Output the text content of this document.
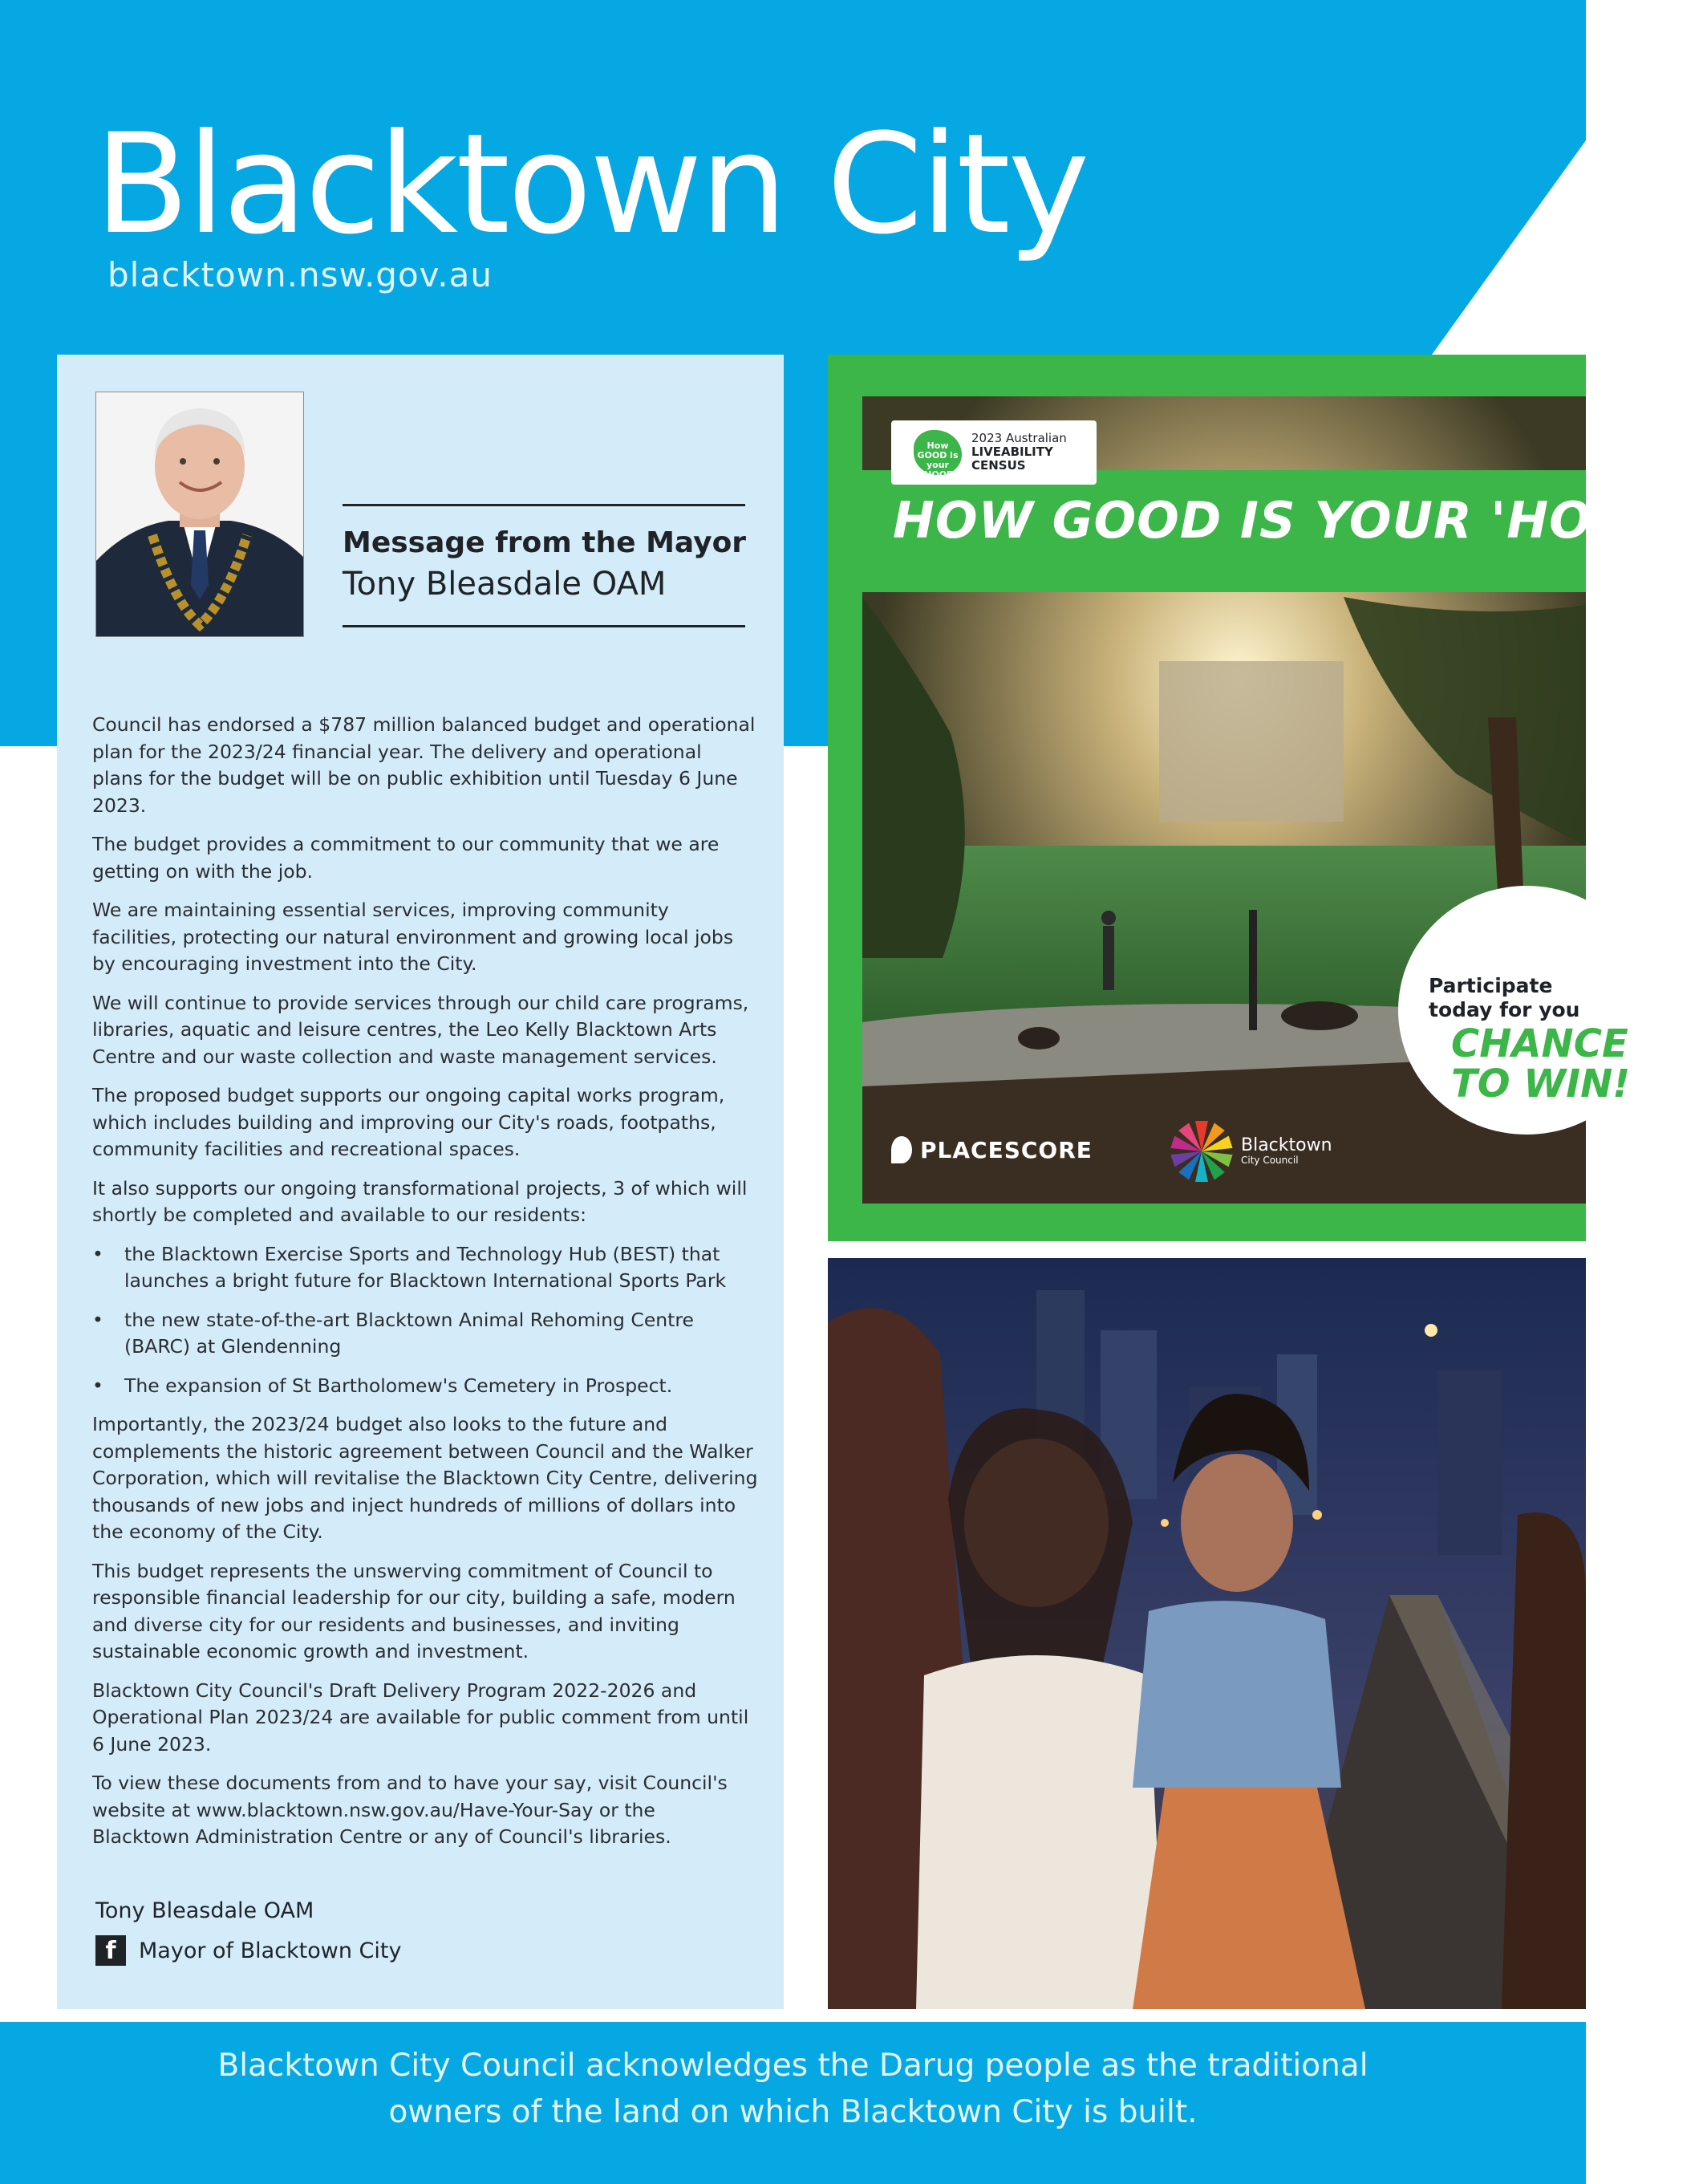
Blacktown City
blacktown.nsw.gov.au
Message from the Mayor
Tony Bleasdale OAM

Council has endorsed a $787 million balanced budget and operational plan for the 2023/24 financial year. The delivery and operational plans for the budget will be on public exhibition until Tuesday 6 June 2023.

The budget provides a commitment to our community that we are getting on with the job.

We are maintaining essential services, improving community facilities, protecting our natural environment and growing local jobs by encouraging investment into the City.

We will continue to provide services through our child care programs, libraries, aquatic and leisure centres, the Leo Kelly Blacktown Arts Centre and our waste collection and waste management services.

The proposed budget supports our ongoing capital works program, which includes building and improving our City's roads, footpaths, community facilities and recreational spaces.

It also supports our ongoing transformational projects, 3 of which will shortly be completed and available to our residents:

• the Blacktown Exercise Sports and Technology Hub (BEST) that launches a bright future for Blacktown International Sports Park
• the new state-of-the-art Blacktown Animal Rehoming Centre (BARC) at Glendenning
• The expansion of St Bartholomew's Cemetery in Prospect.

Importantly, the 2023/24 budget also looks to the future and complements the historic agreement between Council and the Walker Corporation, which will revitalise the Blacktown City Centre, delivering thousands of new jobs and inject hundreds of millions of dollars into the economy of the City.

This budget represents the unswerving commitment of Council to responsible financial leadership for our city, building a safe, modern and diverse city for our residents and businesses, and inviting sustainable economic growth and investment.

Blacktown City Council's Draft Delivery Program 2022-2026 and Operational Plan 2023/24 are available for public comment from until 6 June 2023.

To view these documents from and to have your say, visit Council's website at www.blacktown.nsw.gov.au/Have-Your-Say or the Blacktown Administration Centre or any of Council's libraries.

Tony Bleasdale OAM
f	Mayor of Blacktown City
HOW GOOD IS YOUR 'HOOD?
How GOOD is your 'HOOD
2023 Australian
LIVEABILITY
CENSUS
Participate
today for you
CHANCE
TO WIN!
PLACESCORE	Blacktown
City Council
Blacktown City Council acknowledges the Darug people as the traditional
owners of the land on which Blacktown City is built.
